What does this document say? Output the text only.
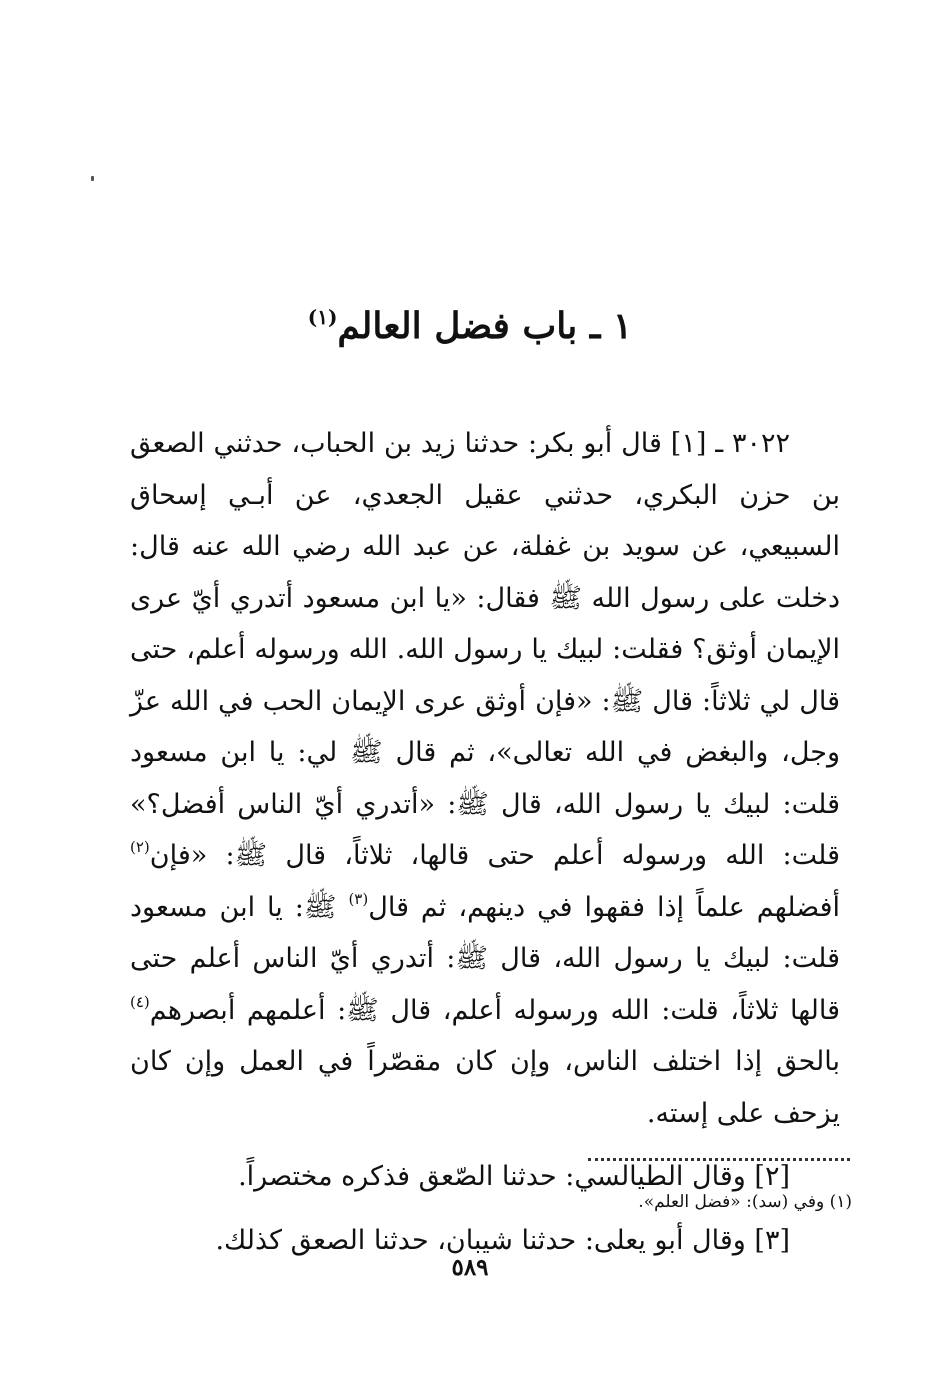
١ ـ باب فضل العالم$^{(١)}$

٣٠٢٢ ـ [١] قال أبو بكر: حدثنا زيد بن الحباب، حدثني الصعق بن حزن البكري، حدثني عقيل الجعدي، عن أبـي إسحاق السبيعي، عن سويد بن غفلة، عن عبد الله رضي الله عنه قال: دخلت على رسول الله ﷺ فقال: «يا ابن مسعود أتدري أيّ عرى الإيمان أوثق؟ فقلت: لبيك يا رسول الله. الله ورسوله أعلم، حتى قال لي ثلاثاً: قال ﷺ: «فإن أوثق عرى الإيمان الحب في الله عزّ وجل، والبغض في الله تعالى»، ثم قال ﷺ لي: يا ابن مسعود قلت: لبيك يا رسول الله، قال ﷺ: «أتدري أيّ الناس أفضل؟» قلت: الله ورسوله أعلم حتى قالها، ثلاثاً، قال ﷺ: «فإن$^{(٢)}$ أفضلهم علماً إذا فقهوا في دينهم، ثم قال$^{(٣)}$ ﷺ: يا ابن مسعود قلت: لبيك يا رسول الله، قال ﷺ: أتدري أيّ الناس أعلم حتى قالها ثلاثاً، قلت: الله ورسوله أعلم، قال ﷺ: أعلمهم أبصرهم$^{(٤)}$ بالحق إذا اختلف الناس، وإن كان مقصّراً في العمل وإن كان يزحف على إسته.

[٢] وقال الطيالسي: حدثنا الصّعق فذكره مختصراً.

[٣] وقال أبو يعلى: حدثنا شيبان، حدثنا الصعق كذلك.

(١) وفي (سد): «فضل العلم».
٥٨٩
